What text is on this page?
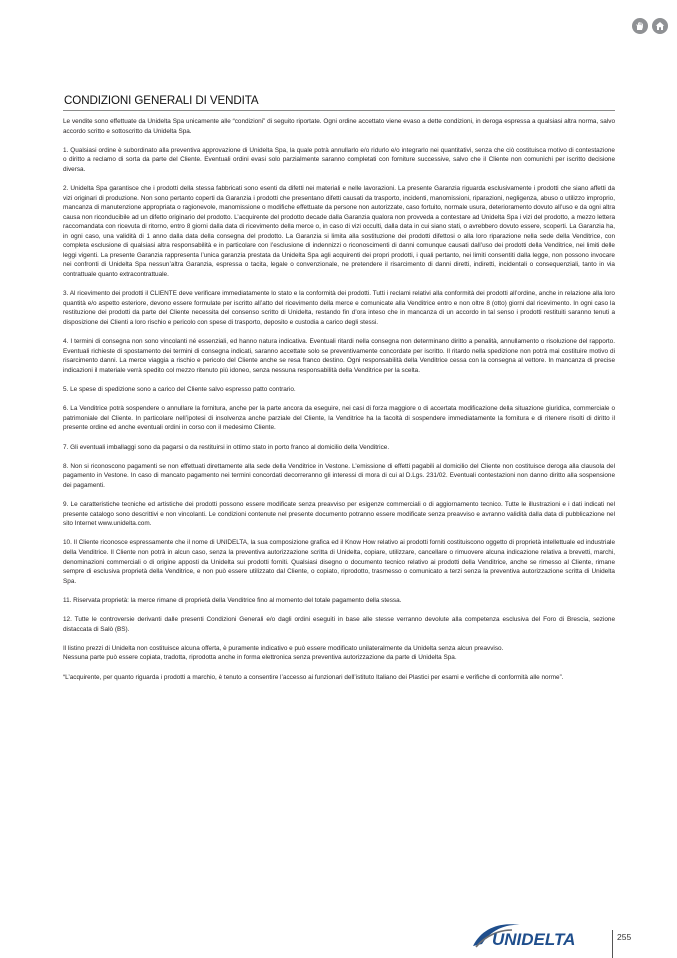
CONDIZIONI GENERALI DI VENDITA

Le vendite sono effettuate da Unidelta Spa unicamente alle “condizioni” di seguito riportate. Ogni ordine accettato viene evaso a dette condizioni, in deroga espressa a qualsiasi altra norma, salvo accordo scritto e sottoscritto da Unidelta Spa.

1. Qualsiasi ordine è subordinato alla preventiva approvazione di Unidelta Spa, la quale potrà annullarlo e/o ridurlo e/o integrarlo nei quantitativi, senza che ciò costituisca motivo di contestazione o diritto a reclamo di sorta da parte del Cliente. Eventuali ordini evasi solo parzialmente saranno completati con forniture successive, salvo che il Cliente non comunichi per iscritto decisione diversa.

2. Unidelta Spa garantisce che i prodotti della stessa fabbricati sono esenti da difetti nei materiali e nelle lavorazioni. La presente Garanzia riguarda esclusivamente i prodotti che siano affetti da vizi originari di produzione. Non sono pertanto coperti da Garanzia i prodotti che presentano difetti causati da trasporto, incidenti, manomissioni, riparazioni, negligenza, abuso o utilizzo improprio, mancanza di manutenzione appropriata o ragionevole, manomissione o modifiche effettuate da persone non autorizzate, caso fortuito, normale usura, deterioramento dovuto all’uso e da ogni altra causa non riconducibile ad un difetto originario del prodotto. L’acquirente del prodotto decade dalla Garanzia qualora non provveda a contestare ad Unidelta Spa i vizi del prodotto, a mezzo lettera raccomandata con ricevuta di ritorno, entro 8 giorni dalla data di ricevimento della merce o, in caso di vizi occulti, dalla data in cui siano stati, o avrebbero dovuto essere, scoperti. La Garanzia ha, in ogni caso, una validità di 1 anno dalla data della consegna del prodotto. La Garanzia si limita alla sostituzione dei prodotti difettosi o alla loro riparazione nella sede della Venditrice, con completa esclusione di qualsiasi altra responsabilità e in particolare con l’esclusione di indennizzi o riconoscimenti di danni comunque causati dall’uso dei prodotti della Venditrice, nei limiti delle leggi vigenti. La presente Garanzia rappresenta l’unica garanzia prestata da Unidelta Spa agli acquirenti dei propri prodotti, i quali pertanto, nei limiti consentiti dalla legge, non possono invocare nei confronti di Unidelta Spa nessun’altra Garanzia, espressa o tacita, legale o convenzionale, ne pretendere il risarcimento di danni diretti, indiretti, incidentali o consequenziali, tanto in via contrattuale quanto extracontrattuale.

3. Al ricevimento dei prodotti il CLIENTE deve verificare immediatamente lo stato e la conformità dei prodotti. Tutti i reclami relativi alla conformità dei prodotti all’ordine, anche in relazione alla loro quantità e/o aspetto esteriore, devono essere formulate per iscritto all’atto del ricevimento della merce e comunicate alla Venditrice entro e non oltre 8 (otto) giorni dal ricevimento. In ogni caso la restituzione dei prodotti da parte del Cliente necessita del consenso scritto di Unidelta, restando fin d’ora inteso che in mancanza di un accordo in tal senso i prodotti restituiti saranno tenuti a disposizione dei Clienti a loro rischio e pericolo con spese di trasporto, deposito e custodia a carico degli stessi.

4. I termini di consegna non sono vincolanti né essenziali, ed hanno natura indicativa. Eventuali ritardi nella consegna non determinano diritto a penalità, annullamento o risoluzione del rapporto. Eventuali richieste di spostamento dei termini di consegna indicati, saranno accettate solo se preventivamente concordate per iscritto. Il ritardo nella spedizione non potrà mai costituire motivo di risarcimento danni. La merce viaggia a rischio e pericolo del Cliente anche se resa franco destino. Ogni responsabilità della Venditrice cessa con la consegna al vettore. In mancanza di precise indicazioni il materiale verrà spedito col mezzo ritenuto più idoneo, senza nessuna responsabilità della Venditrice per la scelta.

5. Le spese di spedizione sono a carico del Cliente salvo espresso patto contrario.

6. La Venditrice potrà sospendere o annullare la fornitura, anche per la parte ancora da eseguire, nei casi di forza maggiore o di accertata modificazione della situazione giuridica, commerciale o patrimoniale del Cliente. In particolare nell’ipotesi di insolvenza anche parziale del Cliente, la Venditrice ha la facoltà di sospendere immediatamente la fornitura e di ritenere risolti di diritto il presente ordine ed anche eventuali ordini in corso con il medesimo Cliente.

7. Gli eventuali imballaggi sono da pagarsi o da restituirsi in ottimo stato in porto franco al domicilio della Venditrice.

8. Non si riconoscono pagamenti se non effettuati direttamente alla sede della Venditrice in Vestone. L’emissione di effetti pagabili al domicilio del Cliente non costituisce deroga alla clausola del pagamento in Vestone. In caso di mancato pagamento nei termini concordati decorreranno gli interessi di mora di cui al D.Lgs. 231/02. Eventuali contestazioni non danno diritto alla sospensione dei pagamenti.

9. Le caratteristiche tecniche ed artistiche dei prodotti possono essere modificate senza preavviso per esigenze commerciali o di aggiornamento tecnico. Tutte le illustrazioni e i dati indicati nel presente catalogo sono descrittivi e non vincolanti. Le condizioni contenute nel presente documento potranno essere modificate senza preavviso e avranno validità dalla data di pubblicazione nel sito Internet www.unidelta.com.

10. Il Cliente riconosce espressamente che il nome di UNIDELTA, la sua composizione grafica ed il Know How relativo ai prodotti forniti costituiscono oggetto di proprietà intellettuale ed industriale della Venditrice. Il Cliente non potrà in alcun caso, senza la preventiva autorizzazione scritta di Unidelta, copiare, utilizzare, cancellare o rimuovere alcuna indicazione relativa a brevetti, marchi, denominazioni commerciali o di origine apposti da Unidelta sui prodotti forniti. Qualsiasi disegno o documento tecnico relativo ai prodotti della Venditrice, anche se rimesso al Cliente, rimane sempre di esclusiva proprietà della Venditrice, e non può essere utilizzato dal Cliente, o copiato, riprodotto, trasmesso o comunicato a terzi senza la preventiva autorizzazione scritta di Unidelta Spa.

11. Riservata proprietà: la merce rimane di proprietà della Venditrice fino al momento del totale pagamento della stessa.

12. Tutte le controversie derivanti dalle presenti Condizioni Generali e/o dagli ordini eseguiti in base alle stesse verranno devolute alla competenza esclusiva del Foro di Brescia, sezione distaccata di Salò (BS).

Il listino prezzi di Unidelta non costituisce alcuna offerta, è puramente indicativo e può essere modificato unilateralmente da Unidelta senza alcun preavviso.

Nessuna parte può essere copiata, tradotta, riprodotta anche in forma elettronica senza preventiva autorizzazione da parte di Unidelta Spa.

“L’acquirente, per quanto riguarda i prodotti a marchio, è tenuto a consentire l’accesso ai funzionari dell’istituto Italiano dei Plastici per esami e verifiche di conformità alle norme”.

UNIDELTA	255
